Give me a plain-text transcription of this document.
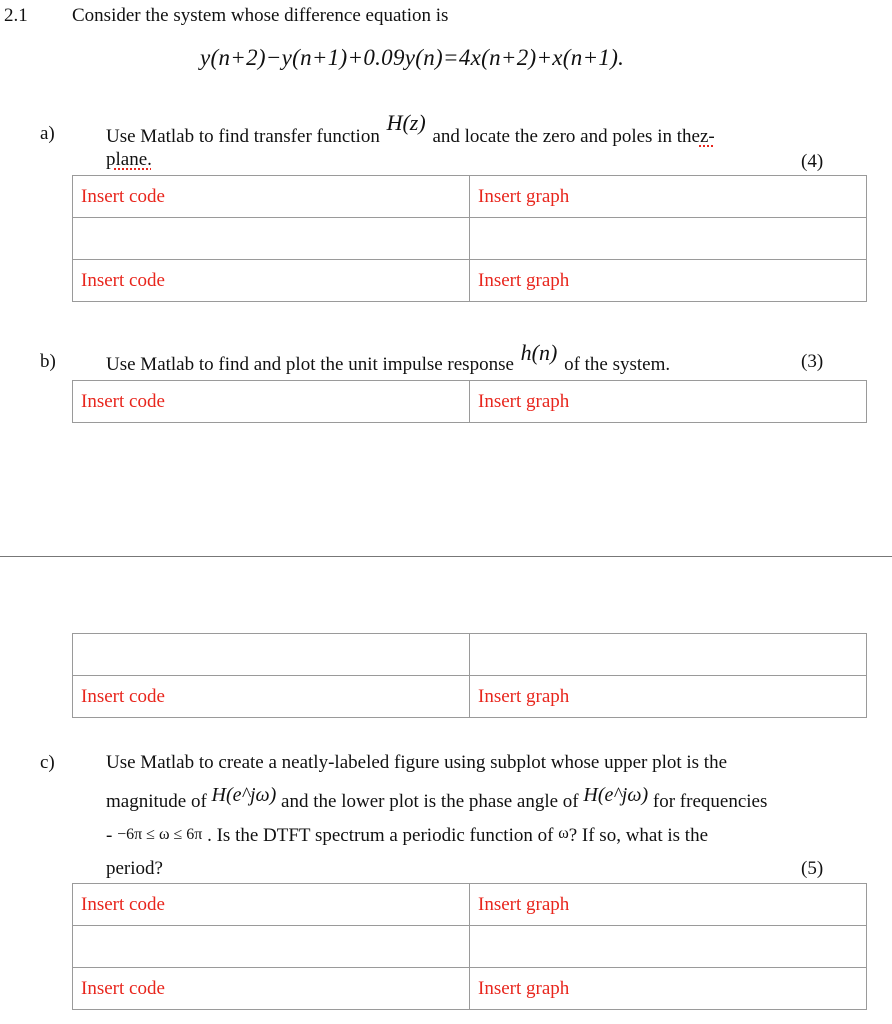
2.1 Consider the system whose difference equation is
y(n+2)−y(n+1)+0.09y(n)=4x(n+2)+x(n+1).
a)	Use Matlab to find transfer function H(z) and locate the zero and poles in thez-
plane.	(4)
Insert code	Insert graph

Insert code	Insert graph
b)	Use Matlab to find and plot the unit impulse response h(n) of the system.	(3)
Insert code	Insert graph

Insert code	Insert graph
c)	Use Matlab to create a neatly-labeled figure using subplot whose upper plot is the
magnitude of H(e^jω) and the lower plot is the phase angle of H(e^jω) for frequencies
- −6π ≤ ω ≤ 6π . Is the DTFT spectrum a periodic function of ω? If so, what is the
period?	(5)
Insert code	Insert graph

Insert code	Insert graph
